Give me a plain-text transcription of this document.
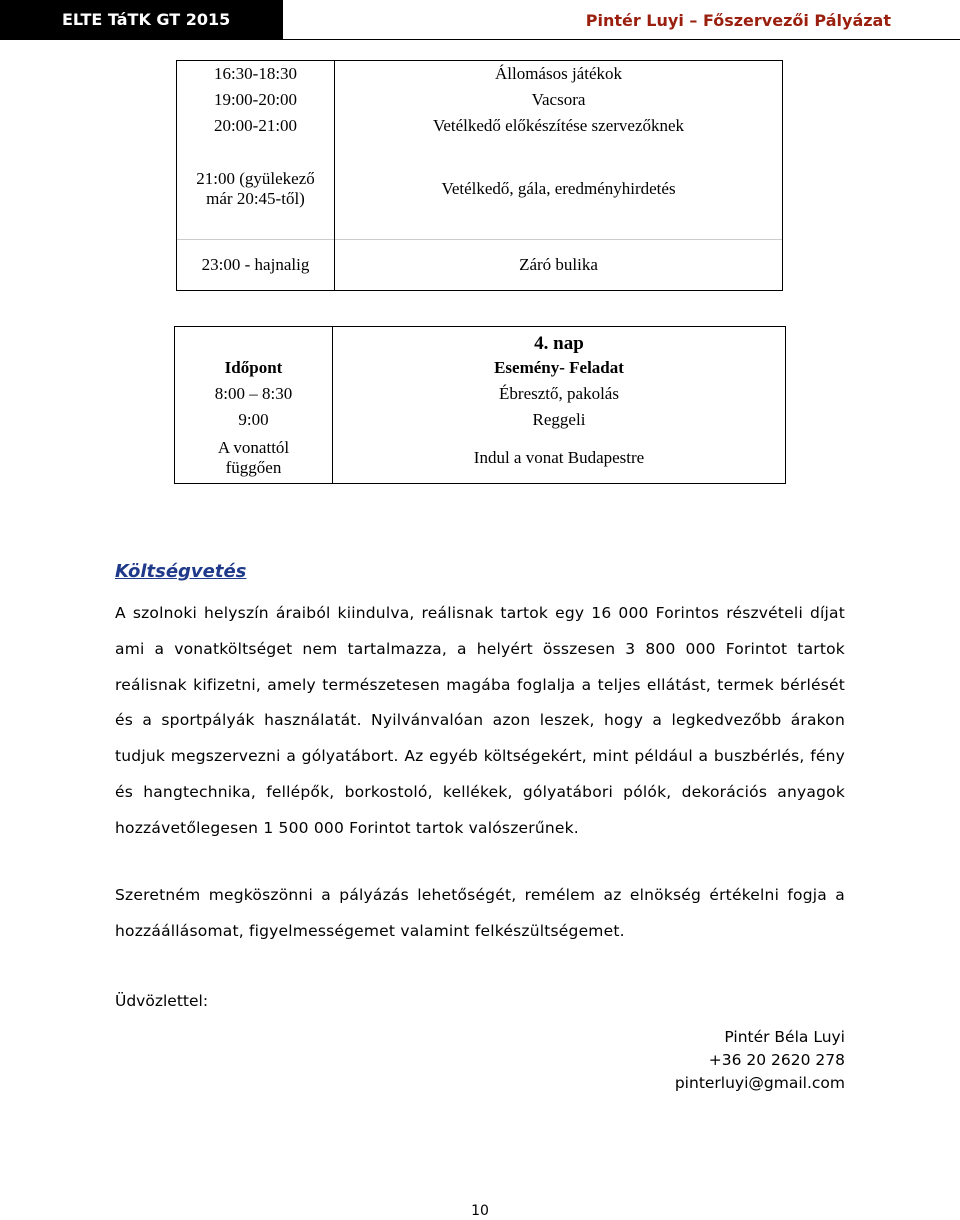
ELTE TáTK GT 2015	Pintér Luyi – Főszervezői Pályázat
16:30-18:30	Állomásos játékok
19:00-20:00	Vacsora
20:00-21:00	Vetélkedő előkészítése szervezőknek
21:00 (gyülekező
már 20:45-től)	Vetélkedő, gála, eredményhirdetés
23:00 - hajnalig	Záró bulika
	4. nap
Időpont	Esemény- Feladat
8:00 – 8:30	Ébresztő, pakolás
9:00	Reggeli
A vonattól
függően	Indul a vonat Budapestre
Költségvetés

A szolnoki helyszín áraiból kiindulva, reálisnak tartok egy 16 000 Forintos részvételi díjat ami a vonatköltséget nem tartalmazza, a helyért összesen 3 800 000 Forintot tartok reálisnak kifizetni, amely természetesen magába foglalja a teljes ellátást, termek bérlését és a sportpályák használatát. Nyilvánvalóan azon leszek, hogy a legkedvezőbb árakon tudjuk megszervezni a gólyatábort. Az egyéb költségekért, mint például a buszbérlés, fény és hangtechnika, fellépők, borkostoló, kellékek, gólyatábori pólók, dekorációs anyagok hozzávetőlegesen 1 500 000 Forintot tartok valószerűnek.

Szeretném megköszönni a pályázás lehetőségét, remélem az elnökség értékelni fogja a hozzáállásomat, figyelmességemet valamint felkészültségemet.

Üdvözlettel:

Pintér Béla Luyi
+36 20 2620 278
pinterluyi@gmail.com
10
